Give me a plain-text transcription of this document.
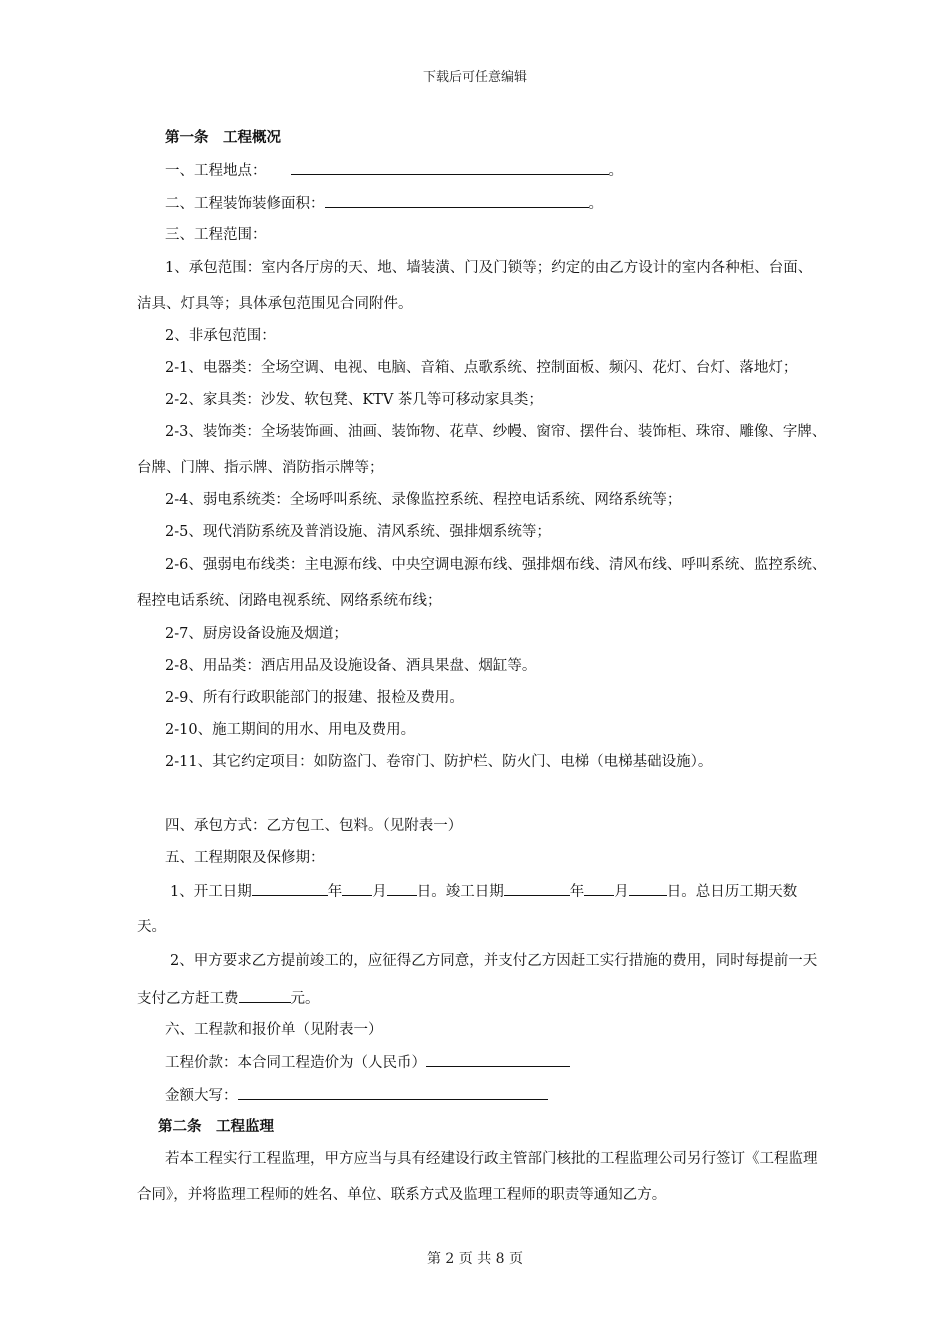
下载后可任意编辑
第一条　工程概况
一、工程地点：	。
二、工程装饰装修面积：	。
三、工程范围：
1、承包范围：室内各厅房的天、地、墙装潢、门及门锁等；约定的由乙方设计的室内各种柜、台面、
洁具、灯具等；具体承包范围见合同附件。
2、非承包范围：
2-1、电器类：全场空调、电视、电脑、音箱、点歌系统、控制面板、频闪、花灯、台灯、落地灯；
2-2、家具类：沙发、软包凳、KTV 茶几等可移动家具类；
2-3、装饰类：全场装饰画、油画、装饰物、花草、纱幔、窗帘、摆件台、装饰柜、珠帘、雕像、字牌、
台牌、门牌、指示牌、消防指示牌等；
2-4、弱电系统类：全场呼叫系统、录像监控系统、程控电话系统、网络系统等；
2-5、现代消防系统及普消设施、清风系统、强排烟系统等；
2-6、强弱电布线类：主电源布线、中央空调电源布线、强排烟布线、清风布线、呼叫系统、监控系统、
程控电话系统、闭路电视系统、网络系统布线；
2-7、厨房设备设施及烟道；
2-8、用品类：酒店用品及设施设备、酒具果盘、烟缸等。
2-9、所有行政职能部门的报建、报检及费用。
2-10、施工期间的用水、用电及费用。
2-11、其它约定项目：如防盗门、卷帘门、防护栏、防火门、电梯（电梯基础设施）。
四、承包方式：乙方包工、包料。（见附表一）
五、工程期限及保修期：
1、开工日期	年 月 日。竣工日期	年 月	日。总日历工期天数
天。
2、甲方要求乙方提前竣工的，应征得乙方同意，并支付乙方因赶工实行措施的费用，同时每提前一天
支付乙方赶工费	元。
六、工程款和报价单（见附表一）
工程价款：本合同工程造价为（人民币）
金额大写：
第二条　工程监理
若本工程实行工程监理，甲方应当与具有经建设行政主管部门核批的工程监理公司另行签订《工程监理
合同》，并将监理工程师的姓名、单位、联系方式及监理工程师的职责等通知乙方。
第 2 页 共 8 页
